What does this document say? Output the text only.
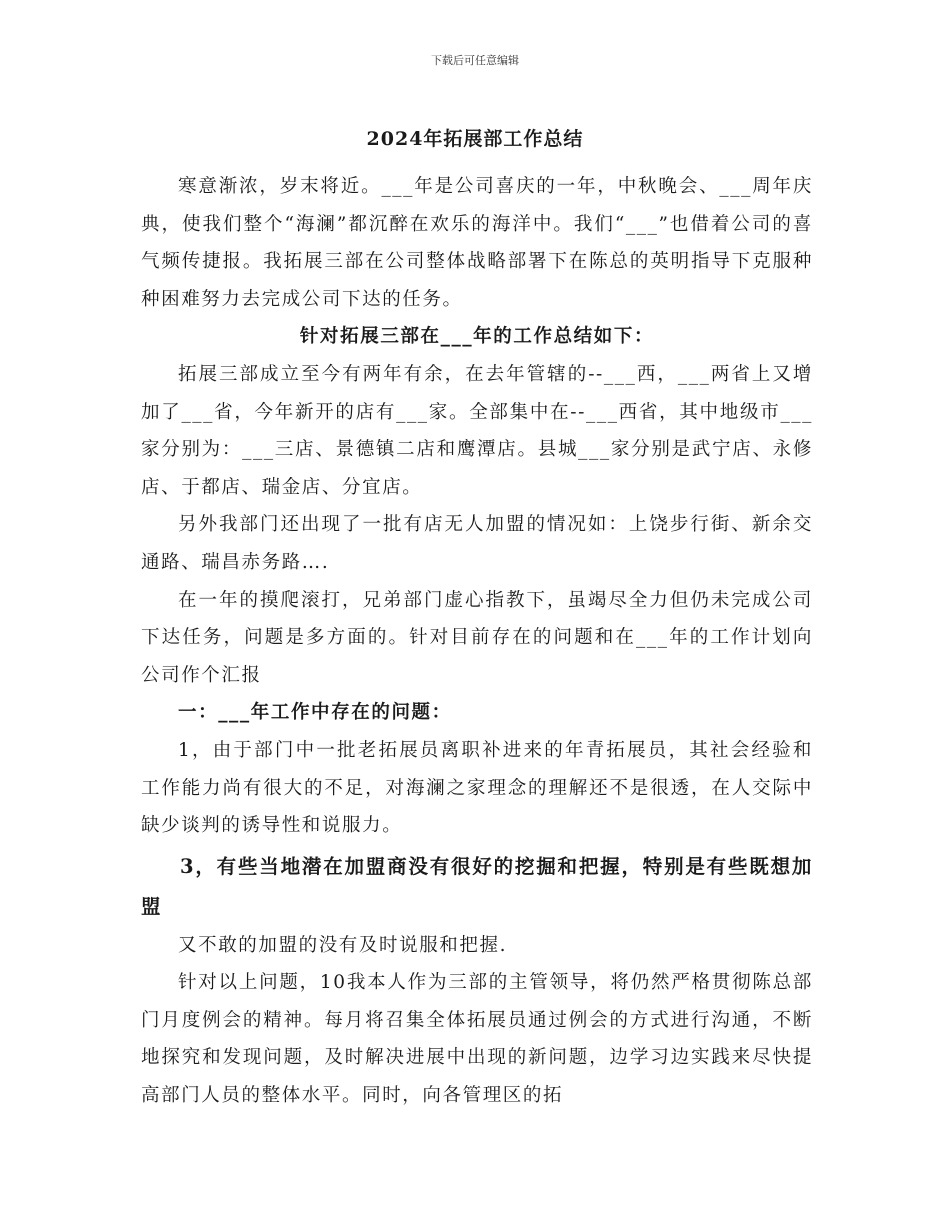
下载后可任意编辑
2024年拓展部工作总结

寒意渐浓，岁末将近。___年是公司喜庆的一年，中秋晚会、___周年庆典，使我们整个“海澜”都沉醉在欢乐的海洋中。我们“___”也借着公司的喜气频传捷报。我拓展三部在公司整体战略部署下在陈总的英明指导下克服种种困难努力去完成公司下达的任务。

针对拓展三部在___年的工作总结如下：

拓展三部成立至今有两年有余，在去年管辖的--___西，___两省上又增加了___省，今年新开的店有___家。全部集中在--___西省，其中地级市___家分别为：___三店、景德镇二店和鹰潭店。县城___家分别是武宁店、永修店、于都店、瑞金店、分宜店。

另外我部门还出现了一批有店无人加盟的情况如：上饶步行街、新余交通路、瑞昌赤务路….

在一年的摸爬滚打，兄弟部门虚心指教下，虽竭尽全力但仍未完成公司下达任务，问题是多方面的。针对目前存在的问题和在___年的工作计划向公司作个汇报

一：___年工作中存在的问题：

1，由于部门中一批老拓展员离职补进来的年青拓展员，其社会经验和工作能力尚有很大的不足，对海澜之家理念的理解还不是很透，在人交际中缺少谈判的诱导性和说服力。

3，有些当地潜在加盟商没有很好的挖掘和把握，特别是有些既想加盟

又不敢的加盟的没有及时说服和把握.

针对以上问题，10我本人作为三部的主管领导，将仍然严格贯彻陈总部门月度例会的精神。每月将召集全体拓展员通过例会的方式进行沟通，不断地探究和发现问题，及时解决进展中出现的新问题，边学习边实践来尽快提高部门人员的整体水平。同时，向各管理区的拓
